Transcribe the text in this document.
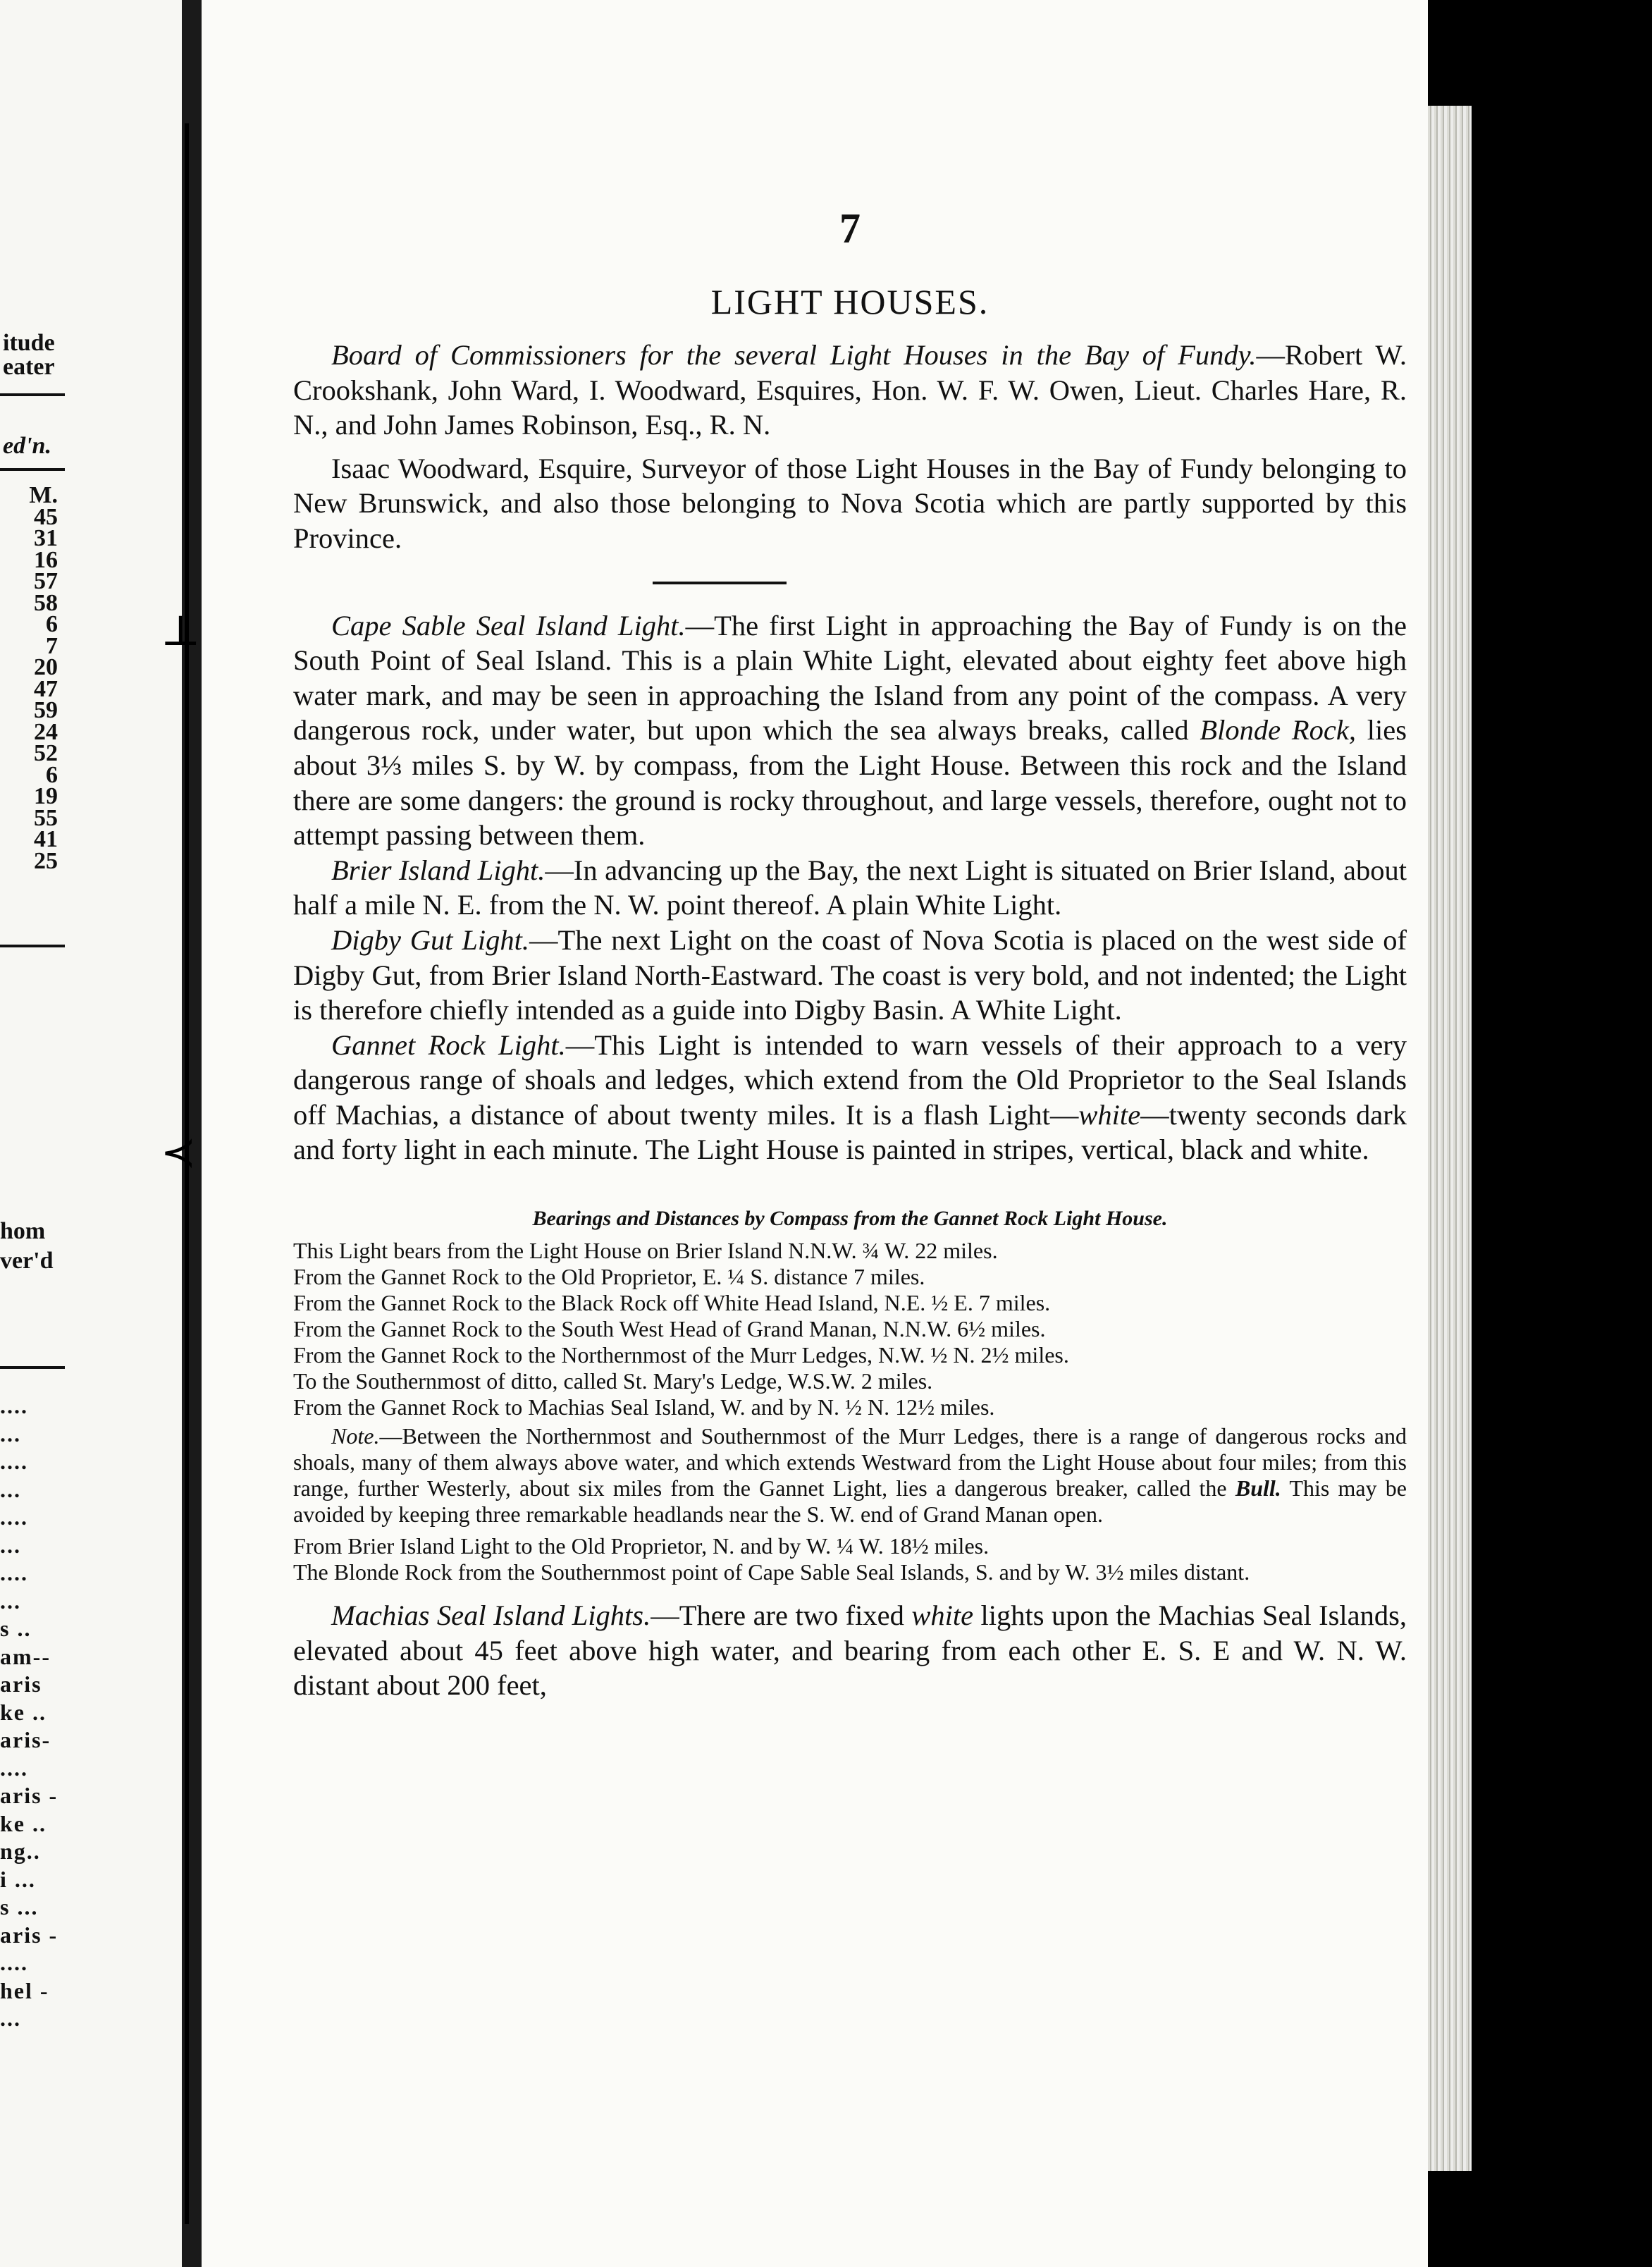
itude
eater
ed'n.
M.
45
31
16
57
58
6
7
20
47
59
24
52
6
19
55
41
25
hom
ver'd
....
...
....
...
....
...
....
...
s ..
am--
aris
ke ..
aris-
....
aris -
ke ..
ng..
i ...
s ...
aris -
....
hel -
...
⊥
≺
7
LIGHT HOUSES.

Board of Commissioners for the several Light Houses in the Bay of Fundy.—Robert W. Crookshank, John Ward, I. Woodward, Esquires, Hon. W. F. W. Owen, Lieut. Charles Hare, R. N., and John James Robinson, Esq., R. N.

Isaac Woodward, Esquire, Surveyor of those Light Houses in the Bay of Fundy belonging to New Brunswick, and also those belonging to Nova Scotia which are partly supported by this Province.

Cape Sable Seal Island Light.—The first Light in approaching the Bay of Fundy is on the South Point of Seal Island. This is a plain White Light, elevated about eighty feet above high water mark, and may be seen in approaching the Island from any point of the compass. A very dangerous rock, under water, but upon which the sea always breaks, called Blonde Rock, lies about 3⅓ miles S. by W. by compass, from the Light House. Between this rock and the Island there are some dangers: the ground is rocky throughout, and large vessels, therefore, ought not to attempt passing between them.

Brier Island Light.—In advancing up the Bay, the next Light is situated on Brier Island, about half a mile N. E. from the N. W. point thereof. A plain White Light.

Digby Gut Light.—The next Light on the coast of Nova Scotia is placed on the west side of Digby Gut, from Brier Island North-Eastward. The coast is very bold, and not indented; the Light is therefore chiefly intended as a guide into Digby Basin. A White Light.

Gannet Rock Light.—This Light is intended to warn vessels of their approach to a very dangerous range of shoals and ledges, which extend from the Old Proprietor to the Seal Islands off Machias, a distance of about twenty miles. It is a flash Light—white—twenty seconds dark and forty light in each minute. The Light House is painted in stripes, vertical, black and white.

Bearings and Distances by Compass from the Gannet Rock Light House.

This Light bears from the Light House on Brier Island N.N.W. ¾ W. 22 miles.

From the Gannet Rock to the Old Proprietor, E. ¼ S. distance 7 miles.

From the Gannet Rock to the Black Rock off White Head Island, N.E. ½ E. 7 miles.

From the Gannet Rock to the South West Head of Grand Manan, N.N.W. 6½ miles.

From the Gannet Rock to the Northernmost of the Murr Ledges, N.W. ½ N. 2½ miles.

To the Southernmost of ditto, called St. Mary's Ledge, W.S.W. 2 miles.

From the Gannet Rock to Machias Seal Island, W. and by N. ½ N. 12½ miles.

Note.—Between the Northernmost and Southernmost of the Murr Ledges, there is a range of dangerous rocks and shoals, many of them always above water, and which extends Westward from the Light House about four miles; from this range, further Westerly, about six miles from the Gannet Light, lies a dangerous breaker, called the Bull. This may be avoided by keeping three remarkable headlands near the S. W. end of Grand Manan open.

From Brier Island Light to the Old Proprietor, N. and by W. ¼ W. 18½ miles.

The Blonde Rock from the Southernmost point of Cape Sable Seal Islands, S. and by W. 3½ miles distant.

Machias Seal Island Lights.—There are two fixed white lights upon the Machias Seal Islands, elevated about 45 feet above high water, and bearing from each other E. S. E and W. N. W. distant about 200 feet,
